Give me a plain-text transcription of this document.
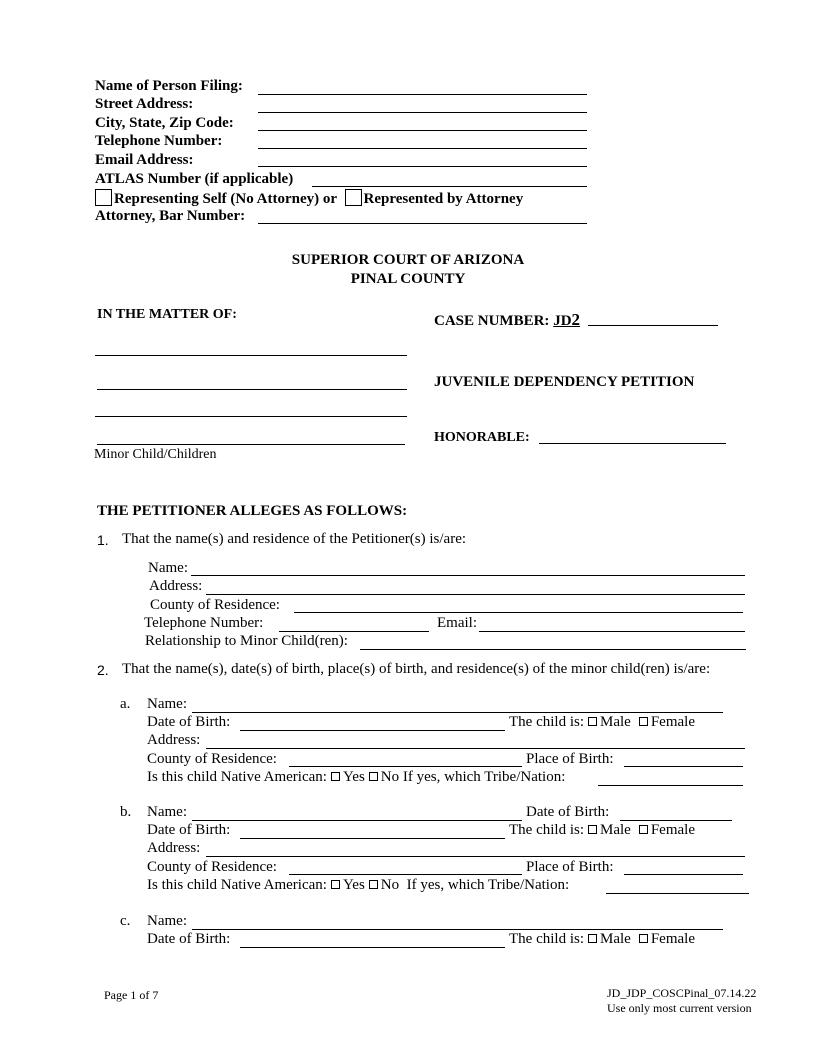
Name of Person Filing:
Street Address:
City, State, Zip Code:
Telephone Number:
Email Address:
ATLAS Number (if applicable)
Representing Self (No Attorney) or Represented by Attorney
Attorney, Bar Number:
SUPERIOR COURT OF ARIZONA
PINAL COUNTY
IN THE MATTER OF:	CASE NUMBER: JD2
JUVENILE DEPENDENCY PETITION
HONORABLE:
Minor Child/Children
THE PETITIONER ALLEGES AS FOLLOWS:
1. That the name(s) and residence of the Petitioner(s) is/are:
Name:
Address:
County of Residence:
Telephone Number:	Email:
Relationship to Minor Child(ren):
2. That the name(s), date(s) of birth, place(s) of birth, and residence(s) of the minor child(ren) is/are:
a. Name:
Date of Birth:	The child is: Male Female
Address:
County of Residence:	Place of Birth:
Is this child Native American: Yes No If yes, which Tribe/Nation:
b. Name:	Date of Birth:
Date of Birth:	The child is: Male Female
Address:
County of Residence:	Place of Birth:
Is this child Native American: Yes No If yes, which Tribe/Nation:
c. Name:
Date of Birth:	The child is: Male Female
Page 1 of 7	JD_JDP_COSCPinal_07.14.22
Use only most current version
